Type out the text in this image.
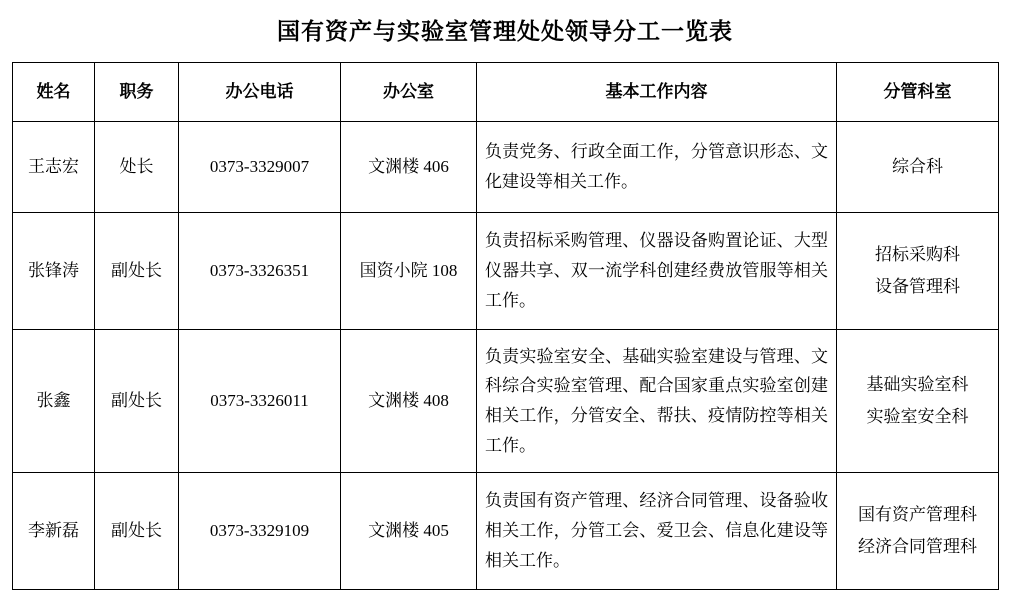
国有资产与实验室管理处处领导分工一览表
姓名	职务	办公电话	办公室	基本工作内容	分管科室
王志宏	处长	0373-3329007	文渊楼 406	负责党务、行政全面工作，分管意识形态、文化建设等相关工作。	综合科

张锋涛	副处长	0373-3326351	国资小院 108	负责招标采购管理、仪器设备购置论证、大型仪器共享、双一流学科创建经费放管服等相关工作。	招标采购科
设备管理科

张鑫	副处长	0373-3326011	文渊楼 408	负责实验室安全、基础实验室建设与管理、文科综合实验室管理、配合国家重点实验室创建相关工作，分管安全、帮扶、疫情防控等相关工作。	基础实验室科
实验室安全科

李新磊	副处长	0373-3329109	文渊楼 405	负责国有资产管理、经济合同管理、设备验收相关工作，分管工会、爱卫会、信息化建设等相关工作。	国有资产管理科
经济合同管理科
